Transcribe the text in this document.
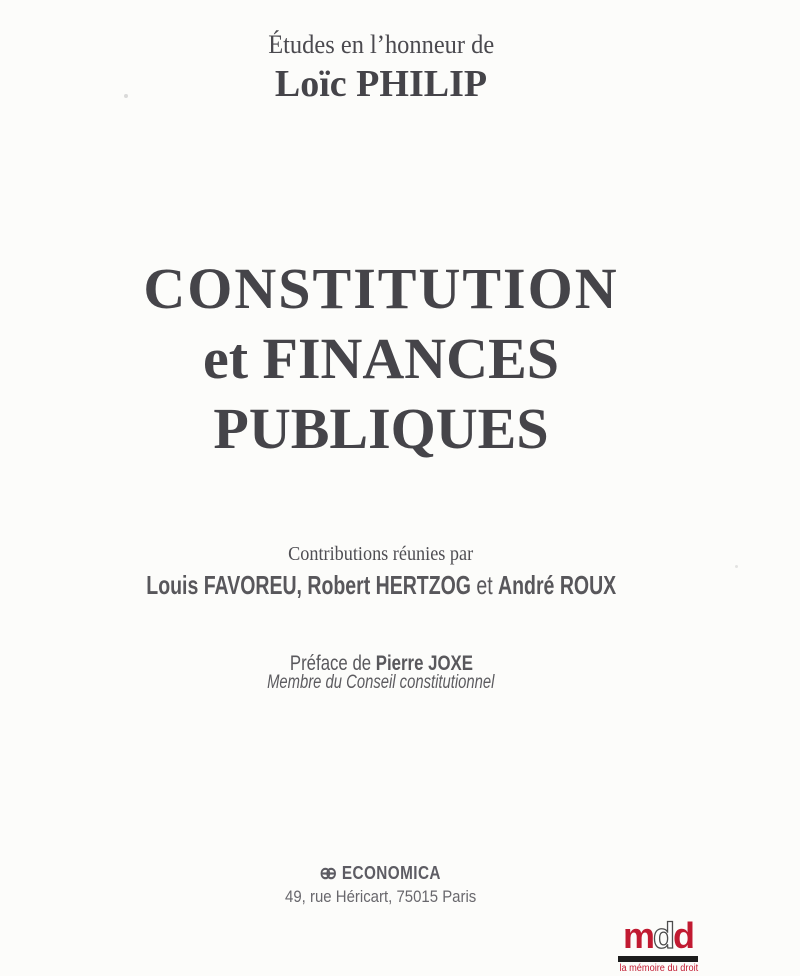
Études en l’honneur de
Loïc PHILIP
CONSTITUTION
et FINANCES
PUBLIQUES
Contributions réunies par
Louis FAVOREU, Robert HERTZOG et André ROUX
Préface de Pierre JOXE
Membre du Conseil constitutionnel
ECONOMICA
49, rue Héricart, 75015 Paris
mdd
la mémoire du droit
